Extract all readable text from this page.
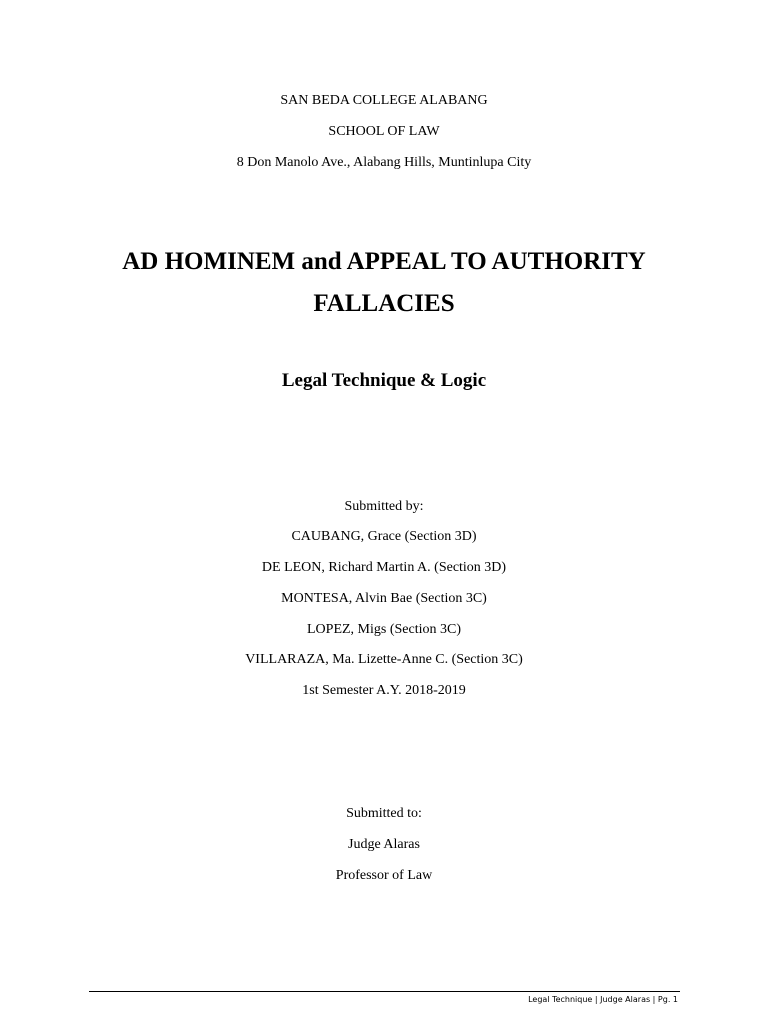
SAN BEDA COLLEGE ALABANG
SCHOOL OF LAW
8 Don Manolo Ave., Alabang Hills, Muntinlupa City
AD HOMINEM and APPEAL TO AUTHORITY
FALLACIES
Legal Technique & Logic
Submitted by:
CAUBANG, Grace (Section 3D)
DE LEON, Richard Martin A. (Section 3D)
MONTESA, Alvin Bae (Section 3C)
LOPEZ, Migs (Section 3C)
VILLARAZA, Ma. Lizette-Anne C. (Section 3C)
1st Semester A.Y. 2018-2019
Submitted to:
Judge Alaras
Professor of Law
Legal Technique | Judge Alaras | Pg. 1
